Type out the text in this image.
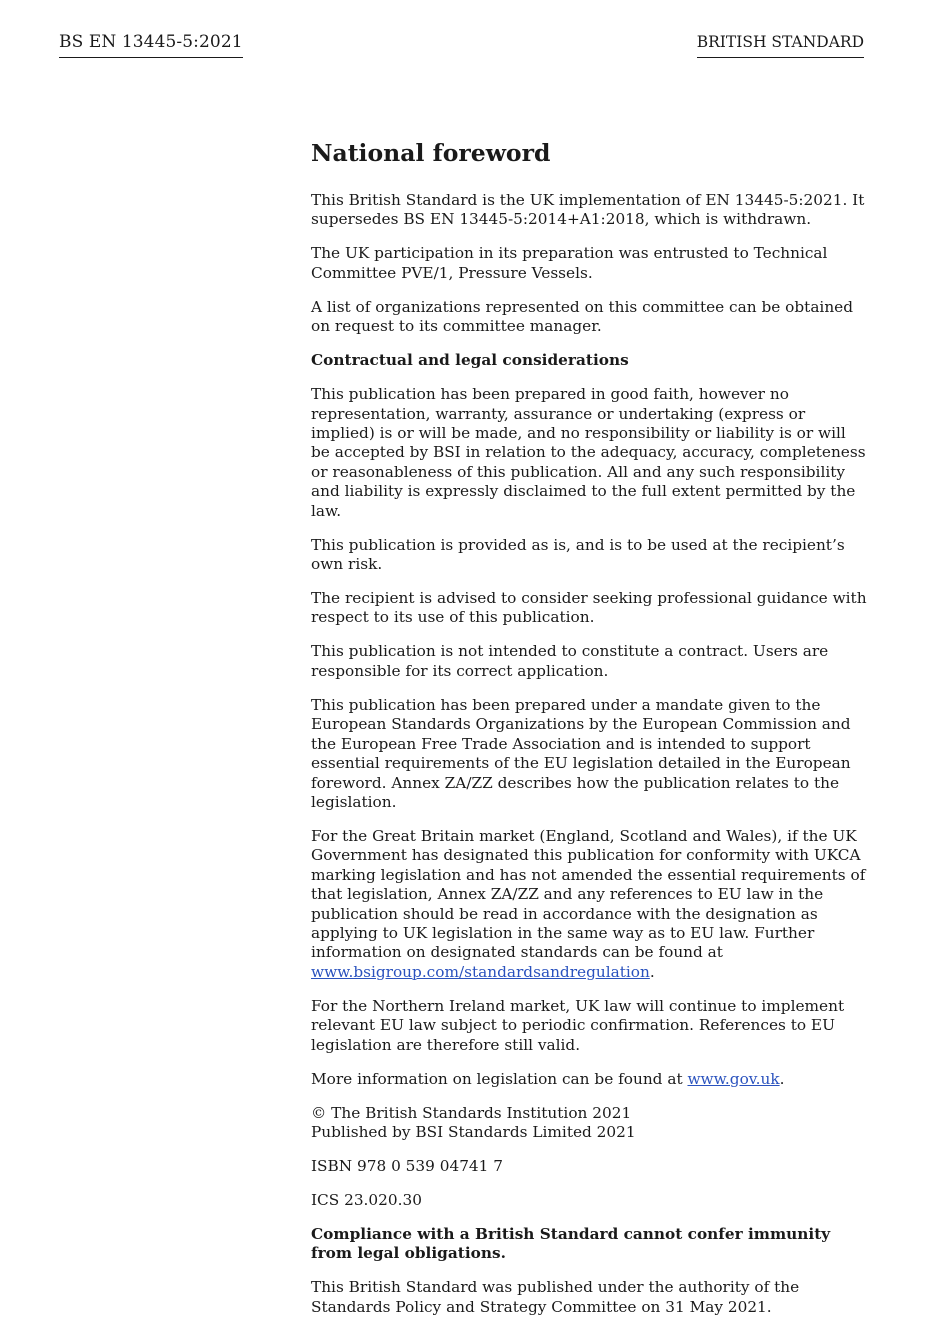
BS EN 13445-5:2021	BRITISH STANDARD
National foreword

This British Standard is the UK implementation of EN 13445-5:2021. It supersedes BS EN 13445-5:2014+A1:2018, which is withdrawn.

The UK participation in its preparation was entrusted to Technical Committee PVE/1, Pressure Vessels.

A list of organizations represented on this committee can be obtained on request to its committee manager.

Contractual and legal considerations

This publication has been prepared in good faith, however no representation, warranty, assurance or undertaking (express or implied) is or will be made, and no responsibility or liability is or will be accepted by BSI in relation to the adequacy, accuracy, completeness or reasonableness of this publication. All and any such responsibility and liability is expressly disclaimed to the full extent permitted by the law.

This publication is provided as is, and is to be used at the recipient’s own risk.

The recipient is advised to consider seeking professional guidance with respect to its use of this publication.

This publication is not intended to constitute a contract. Users are responsible for its correct application.

This publication has been prepared under a mandate given to the European Standards Organizations by the European Commission and the European Free Trade Association and is intended to support essential requirements of the EU legislation detailed in the European foreword. Annex ZA/ZZ describes how the publication relates to the legislation.

For the Great Britain market (England, Scotland and Wales), if the UK Government has designated this publication for conformity with UKCA marking legislation and has not amended the essential requirements of that legislation, Annex ZA/ZZ and any references to EU law in the publication should be read in accordance with the designation as applying to UK legislation in the same way as to EU law. Further information on designated standards can be found at www.bsigroup.com/standardsandregulation.

For the Northern Ireland market, UK law will continue to implement relevant EU law subject to periodic confirmation. References to EU legislation are therefore still valid.

More information on legislation can be found at www.gov.uk.

© The British Standards Institution 2021
Published by BSI Standards Limited 2021

ISBN 978 0 539 04741 7

ICS 23.020.30

Compliance with a British Standard cannot confer immunity from legal obligations.

This British Standard was published under the authority of the Standards Policy and Strategy Committee on 31 May 2021.
